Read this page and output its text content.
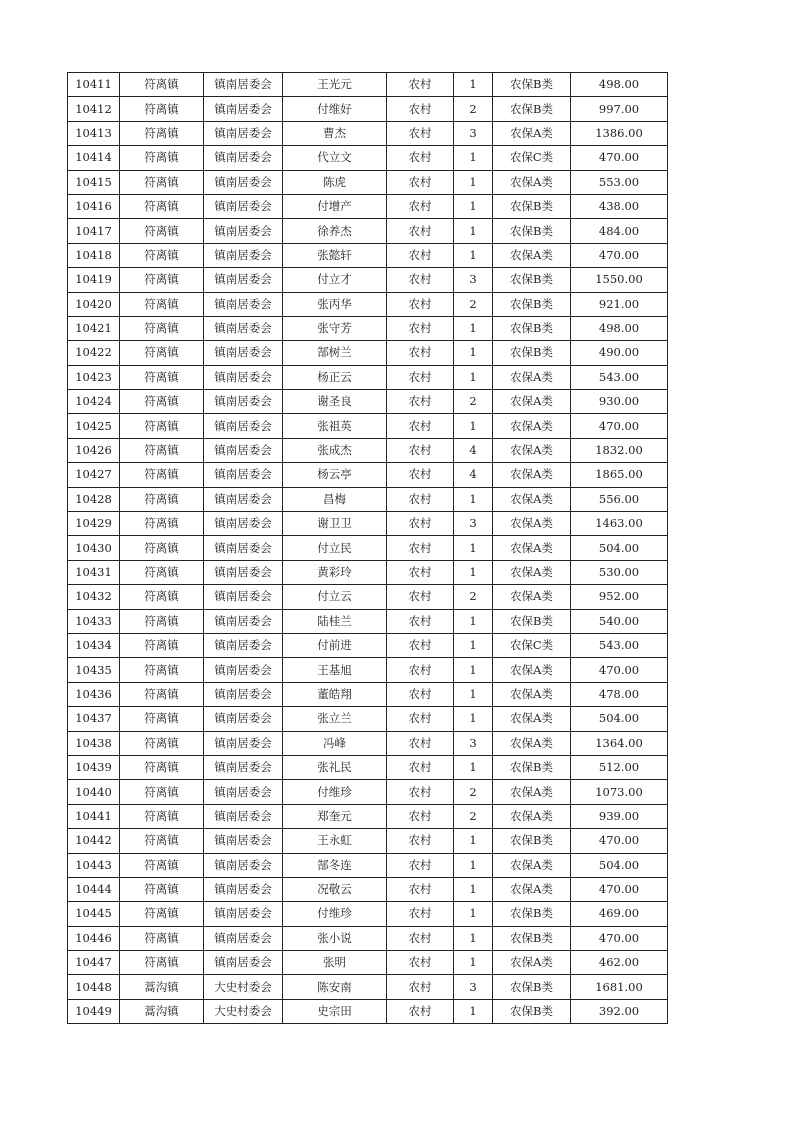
10411	符离镇	镇南居委会	王光元	农村	1	农保B类	498.00
10412	符离镇	镇南居委会	付维好	农村	2	农保B类	997.00
10413	符离镇	镇南居委会	曹杰	农村	3	农保A类	1386.00
10414	符离镇	镇南居委会	代立文	农村	1	农保C类	470.00
10415	符离镇	镇南居委会	陈虎	农村	1	农保A类	553.00
10416	符离镇	镇南居委会	付增产	农村	1	农保B类	438.00
10417	符离镇	镇南居委会	徐养杰	农村	1	农保B类	484.00
10418	符离镇	镇南居委会	张懿轩	农村	1	农保A类	470.00
10419	符离镇	镇南居委会	付立才	农村	3	农保B类	1550.00
10420	符离镇	镇南居委会	张丙华	农村	2	农保B类	921.00
10421	符离镇	镇南居委会	张守芳	农村	1	农保B类	498.00
10422	符离镇	镇南居委会	郜树兰	农村	1	农保B类	490.00
10423	符离镇	镇南居委会	杨正云	农村	1	农保A类	543.00
10424	符离镇	镇南居委会	谢圣良	农村	2	农保A类	930.00
10425	符离镇	镇南居委会	张祖英	农村	1	农保A类	470.00
10426	符离镇	镇南居委会	张成杰	农村	4	农保A类	1832.00
10427	符离镇	镇南居委会	杨云亭	农村	4	农保A类	1865.00
10428	符离镇	镇南居委会	昌梅	农村	1	农保A类	556.00
10429	符离镇	镇南居委会	谢卫卫	农村	3	农保A类	1463.00
10430	符离镇	镇南居委会	付立民	农村	1	农保A类	504.00
10431	符离镇	镇南居委会	黄彩玲	农村	1	农保A类	530.00
10432	符离镇	镇南居委会	付立云	农村	2	农保A类	952.00
10433	符离镇	镇南居委会	陆桂兰	农村	1	农保B类	540.00
10434	符离镇	镇南居委会	付前进	农村	1	农保C类	543.00
10435	符离镇	镇南居委会	王基旭	农村	1	农保A类	470.00
10436	符离镇	镇南居委会	董皓翔	农村	1	农保A类	478.00
10437	符离镇	镇南居委会	张立兰	农村	1	农保A类	504.00
10438	符离镇	镇南居委会	冯峰	农村	3	农保A类	1364.00
10439	符离镇	镇南居委会	张礼民	农村	1	农保B类	512.00
10440	符离镇	镇南居委会	付维珍	农村	2	农保A类	1073.00
10441	符离镇	镇南居委会	郑奎元	农村	2	农保A类	939.00
10442	符离镇	镇南居委会	王永虹	农村	1	农保B类	470.00
10443	符离镇	镇南居委会	郜冬连	农村	1	农保A类	504.00
10444	符离镇	镇南居委会	况敬云	农村	1	农保A类	470.00
10445	符离镇	镇南居委会	付维珍	农村	1	农保B类	469.00
10446	符离镇	镇南居委会	张小说	农村	1	农保B类	470.00
10447	符离镇	镇南居委会	张明	农村	1	农保A类	462.00
10448	蒿沟镇	大史村委会	陈安南	农村	3	农保B类	1681.00
10449	蒿沟镇	大史村委会	史宗田	农村	1	农保B类	392.00
